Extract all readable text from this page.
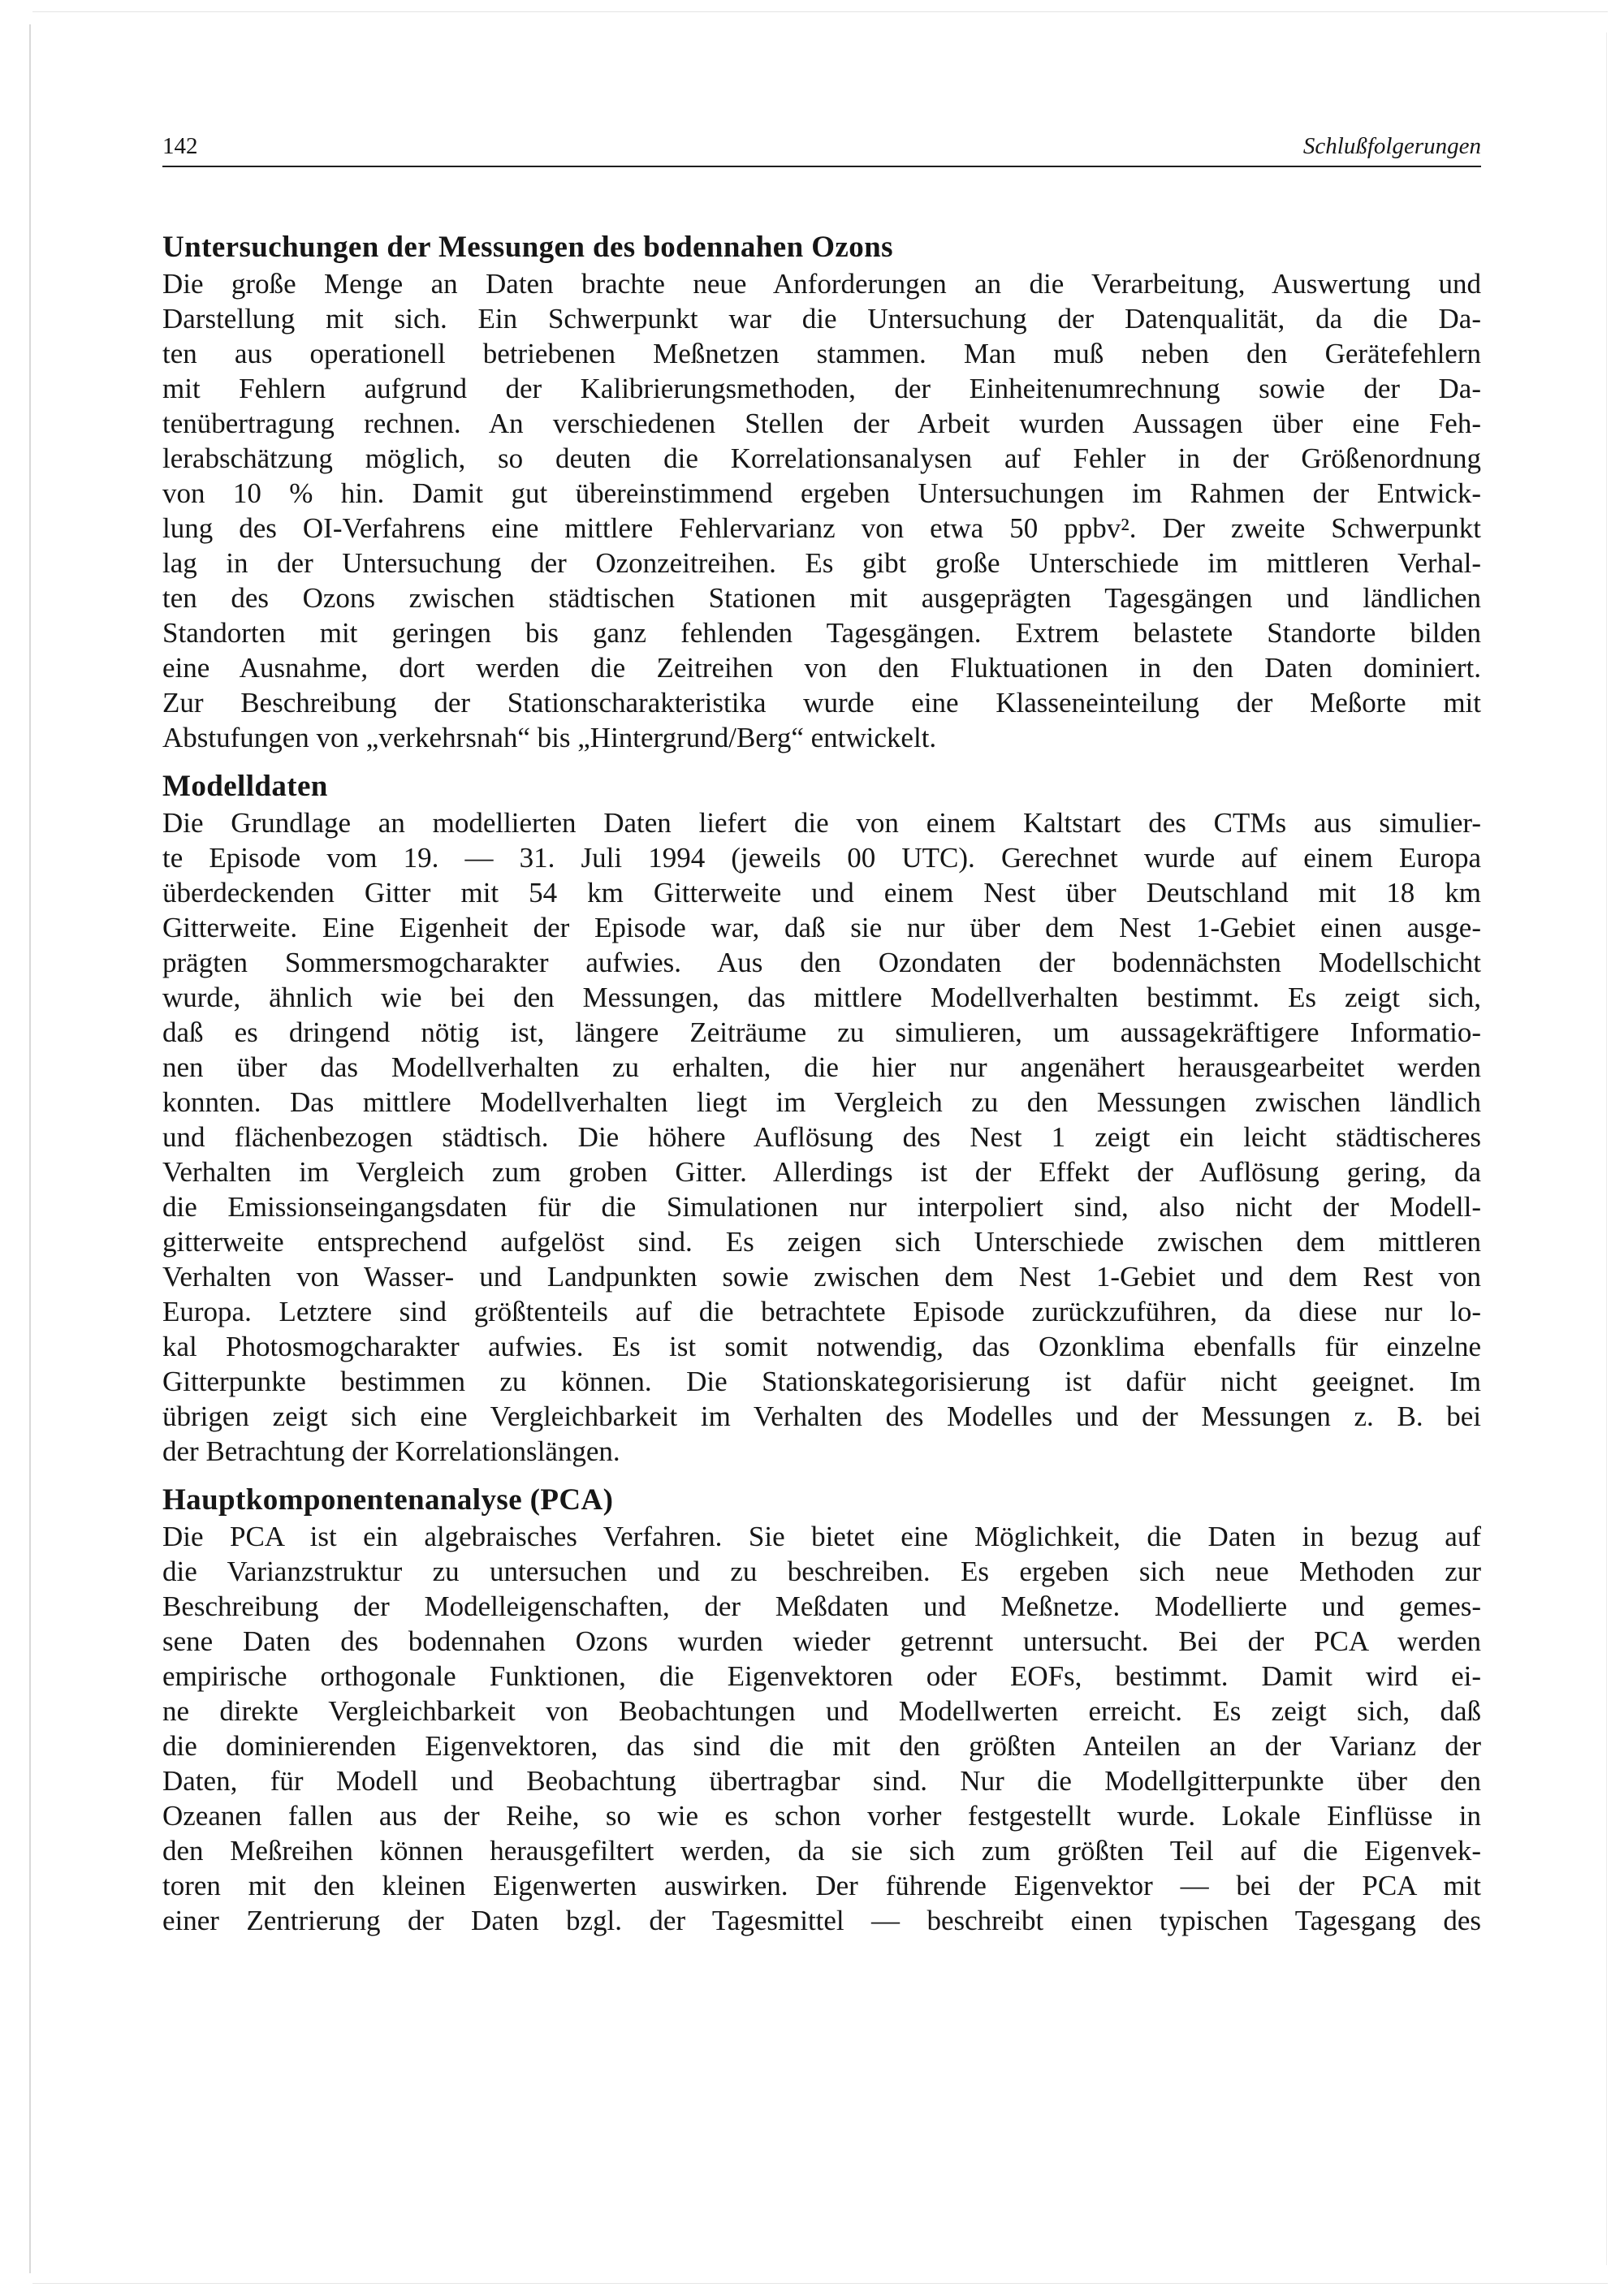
142	Schlußfolgerungen
Untersuchungen der Messungen des bodennahen Ozons
Die große Menge an Daten brachte neue Anforderungen an die Verarbeitung, Auswertung und
Darstellung mit sich. Ein Schwerpunkt war die Untersuchung der Datenqualität, da die Da-
ten aus operationell betriebenen Meßnetzen stammen. Man muß neben den Gerätefehlern
mit Fehlern aufgrund der Kalibrierungsmethoden, der Einheitenumrechnung sowie der Da-
tenübertragung rechnen. An verschiedenen Stellen der Arbeit wurden Aussagen über eine Feh-
lerabschätzung möglich, so deuten die Korrelationsanalysen auf Fehler in der Größenordnung
von 10 % hin. Damit gut übereinstimmend ergeben Untersuchungen im Rahmen der Entwick-
lung des OI-Verfahrens eine mittlere Fehlervarianz von etwa 50 ppbv². Der zweite Schwerpunkt
lag in der Untersuchung der Ozonzeitreihen. Es gibt große Unterschiede im mittleren Verhal-
ten des Ozons zwischen städtischen Stationen mit ausgeprägten Tagesgängen und ländlichen
Standorten mit geringen bis ganz fehlenden Tagesgängen. Extrem belastete Standorte bilden
eine Ausnahme, dort werden die Zeitreihen von den Fluktuationen in den Daten dominiert.
Zur Beschreibung der Stationscharakteristika wurde eine Klasseneinteilung der Meßorte mit
Abstufungen von „verkehrsnah“ bis „Hintergrund/Berg“ entwickelt.
Modelldaten
Die Grundlage an modellierten Daten liefert die von einem Kaltstart des CTMs aus simulier-
te Episode vom 19. — 31. Juli 1994 (jeweils 00 UTC). Gerechnet wurde auf einem Europa
überdeckenden Gitter mit 54 km Gitterweite und einem Nest über Deutschland mit 18 km
Gitterweite. Eine Eigenheit der Episode war, daß sie nur über dem Nest 1-Gebiet einen ausge-
prägten Sommersmogcharakter aufwies. Aus den Ozondaten der bodennächsten Modellschicht
wurde, ähnlich wie bei den Messungen, das mittlere Modellverhalten bestimmt. Es zeigt sich,
daß es dringend nötig ist, längere Zeiträume zu simulieren, um aussagekräftigere Informatio-
nen über das Modellverhalten zu erhalten, die hier nur angenähert herausgearbeitet werden
konnten. Das mittlere Modellverhalten liegt im Vergleich zu den Messungen zwischen ländlich
und flächenbezogen städtisch. Die höhere Auflösung des Nest 1 zeigt ein leicht städtischeres
Verhalten im Vergleich zum groben Gitter. Allerdings ist der Effekt der Auflösung gering, da
die Emissionseingangsdaten für die Simulationen nur interpoliert sind, also nicht der Modell-
gitterweite entsprechend aufgelöst sind. Es zeigen sich Unterschiede zwischen dem mittleren
Verhalten von Wasser- und Landpunkten sowie zwischen dem Nest 1-Gebiet und dem Rest von
Europa. Letztere sind größtenteils auf die betrachtete Episode zurückzuführen, da diese nur lo-
kal Photosmogcharakter aufwies. Es ist somit notwendig, das Ozonklima ebenfalls für einzelne
Gitterpunkte bestimmen zu können. Die Stationskategorisierung ist dafür nicht geeignet. Im
übrigen zeigt sich eine Vergleichbarkeit im Verhalten des Modelles und der Messungen z. B. bei
der Betrachtung der Korrelationslängen.
Hauptkomponentenanalyse (PCA)
Die PCA ist ein algebraisches Verfahren. Sie bietet eine Möglichkeit, die Daten in bezug auf
die Varianzstruktur zu untersuchen und zu beschreiben. Es ergeben sich neue Methoden zur
Beschreibung der Modelleigenschaften, der Meßdaten und Meßnetze. Modellierte und gemes-
sene Daten des bodennahen Ozons wurden wieder getrennt untersucht. Bei der PCA werden
empirische orthogonale Funktionen, die Eigenvektoren oder EOFs, bestimmt. Damit wird ei-
ne direkte Vergleichbarkeit von Beobachtungen und Modellwerten erreicht. Es zeigt sich, daß
die dominierenden Eigenvektoren, das sind die mit den größten Anteilen an der Varianz der
Daten, für Modell und Beobachtung übertragbar sind. Nur die Modellgitterpunkte über den
Ozeanen fallen aus der Reihe, so wie es schon vorher festgestellt wurde. Lokale Einflüsse in
den Meßreihen können herausgefiltert werden, da sie sich zum größten Teil auf die Eigenvek-
toren mit den kleinen Eigenwerten auswirken. Der führende Eigenvektor — bei der PCA mit
einer Zentrierung der Daten bzgl. der Tagesmittel — beschreibt einen typischen Tagesgang des
